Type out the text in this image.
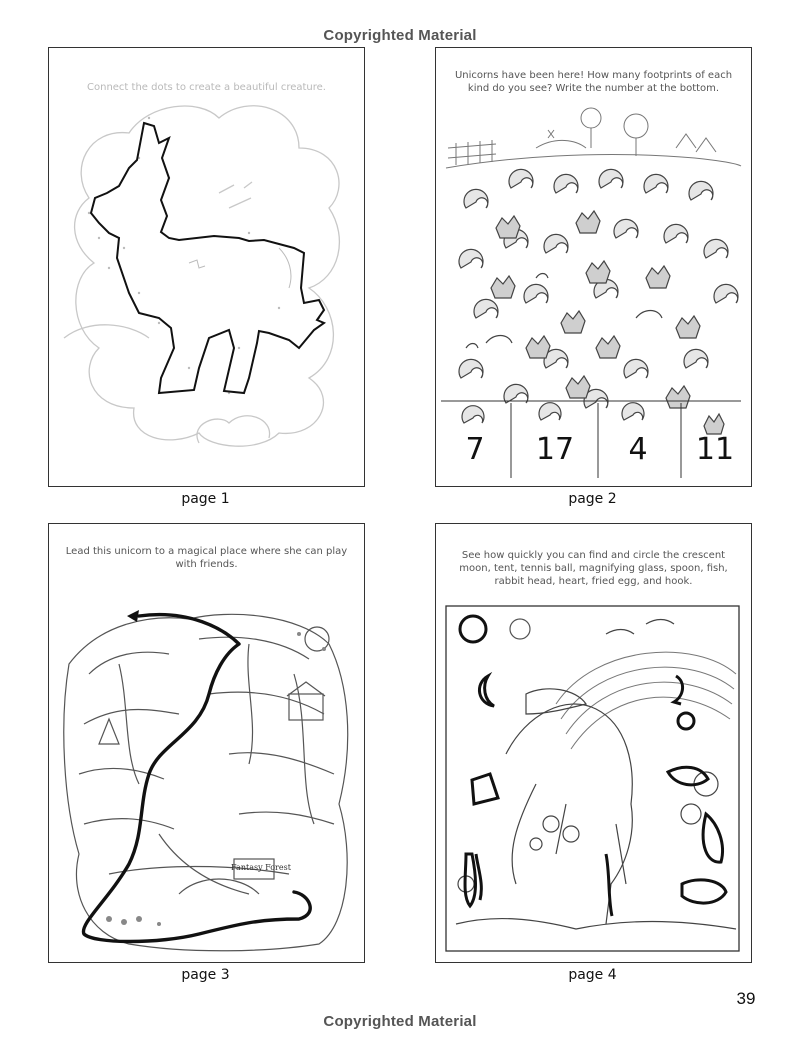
Copyrighted Material
Connect the dots to create a beautiful creature.
page 1
Unicorns have been here! How many footprints of each kind do you see? Write the number at the bottom.
7	17	4	11
page 2
Lead this unicorn to a magical place where she can play with friends.
Fantasy Forest
page 3
See how quickly you can find and circle the crescent moon, tent, tennis ball, magnifying glass, spoon, fish, rabbit head, heart, fried egg, and hook.
page 4
39
Copyrighted Material
